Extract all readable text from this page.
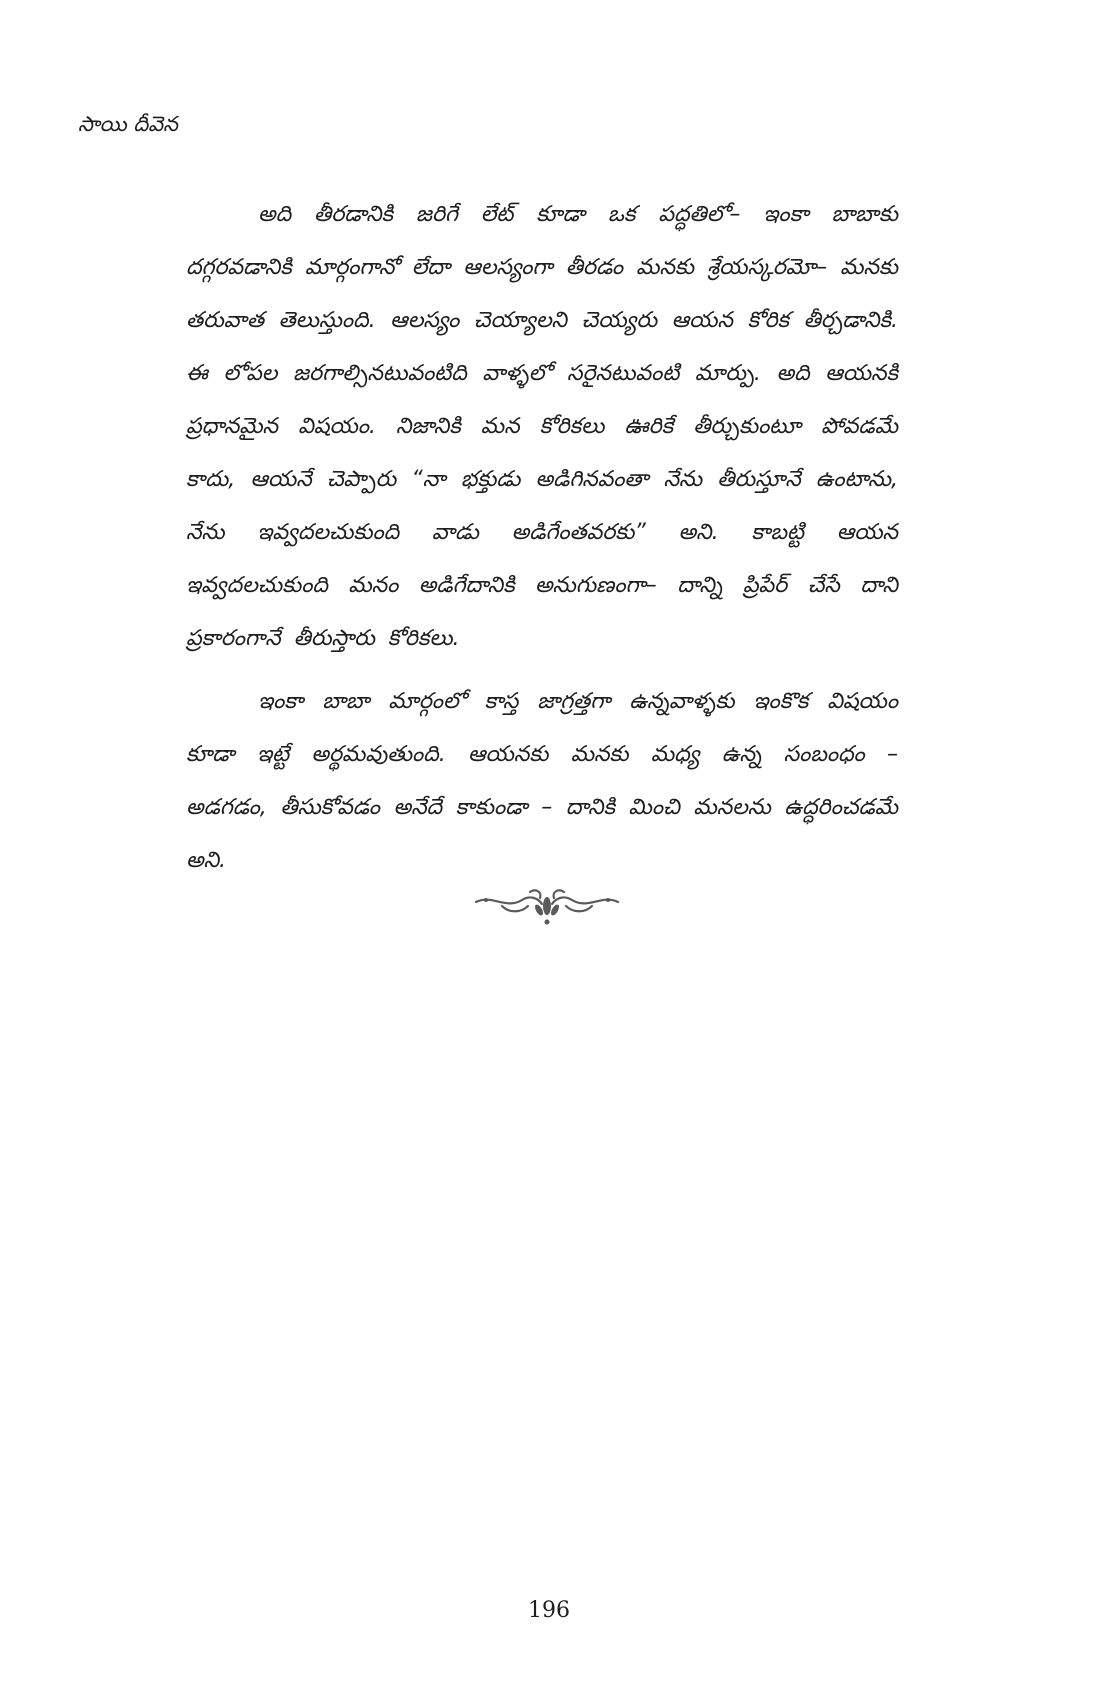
సాయి దీవెన

అది తీరడానికి జరిగే లేట్ కూడా ఒక పద్ధతిలో– ఇంకా బాబాకు దగ్గరవడానికి మార్గంగానో లేదా ఆలస్యంగా తీరడం మనకు శ్రేయస్కరమో– మనకు తరువాత తెలుస్తుంది. ఆలస్యం చెయ్యాలని చెయ్యరు ఆయన కోరిక తీర్చడానికి. ఈ లోపల జరగాల్సినటువంటిది వాళ్ళలో సరైనటువంటి మార్పు. అది ఆయనకి ప్రధానమైన విషయం. నిజానికి మన కోరికలు ఊరికే తీర్చుకుంటూ పోవడమే కాదు, ఆయనే చెప్పారు “నా భక్తుడు అడిగినవంతా నేను తీరుస్తూనే ఉంటాను, నేను ఇవ్వదలచుకుంది వాడు అడిగేంతవరకు” అని. కాబట్టి ఆయన ఇవ్వదలచుకుంది మనం అడిగేదానికి అనుగుణంగా– దాన్ని ప్రిపేర్ చేసే దాని ప్రకారంగానే తీరుస్తారు కోరికలు.

ఇంకా బాబా మార్గంలో కాస్త జాగ్రత్తగా ఉన్నవాళ్ళకు ఇంకొక విషయం కూడా ఇట్టే అర్థమవుతుంది. ఆయనకు మనకు మధ్య ఉన్న సంబంధం – అడగడం, తీసుకోవడం అనేదే కాకుండా – దానికి మించి మనలను ఉద్ధరించడమే అని.

196
